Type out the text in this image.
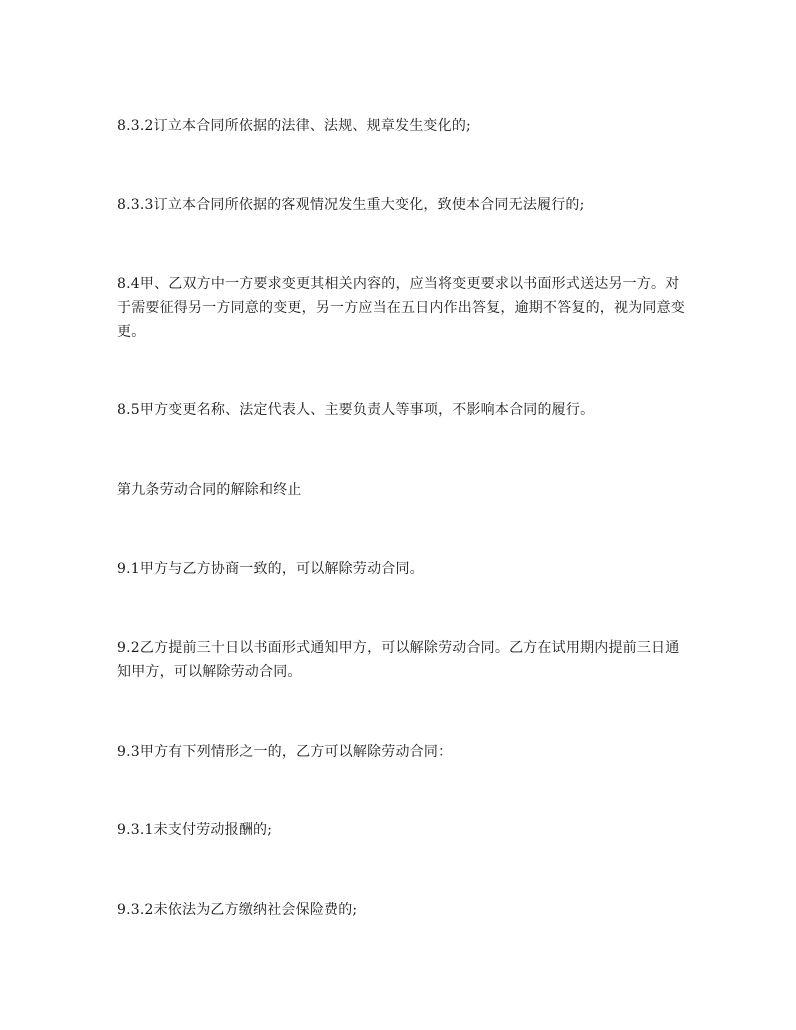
8.3.2订立本合同所依据的法律、法规、规章发生变化的;

8.3.3订立本合同所依据的客观情况发生重大变化，致使本合同无法履行的;

8.4甲、乙双方中一方要求变更其相关内容的，应当将变更要求以书面形式送达另一方。对于需要征得另一方同意的变更，另一方应当在五日内作出答复，逾期不答复的，视为同意变更。

8.5甲方变更名称、法定代表人、主要负责人等事项，不影响本合同的履行。

第九条劳动合同的解除和终止

9.1甲方与乙方协商一致的，可以解除劳动合同。

9.2乙方提前三十日以书面形式通知甲方，可以解除劳动合同。乙方在试用期内提前三日通知甲方，可以解除劳动合同。

9.3甲方有下列情形之一的，乙方可以解除劳动合同：

9.3.1未支付劳动报酬的;

9.3.2未依法为乙方缴纳社会保险费的;
